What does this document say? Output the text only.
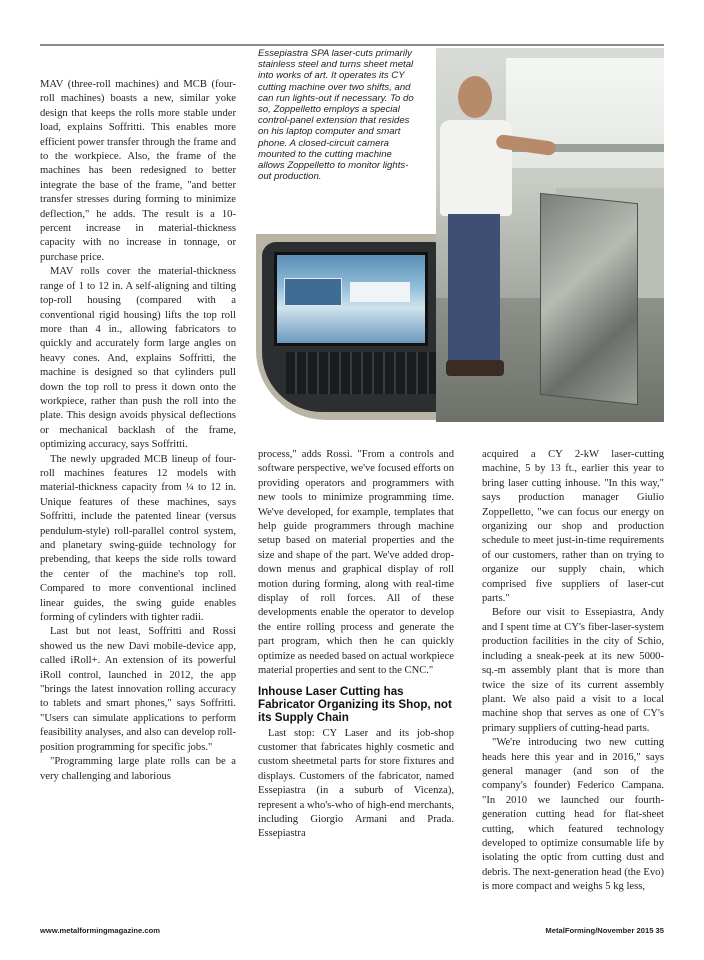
MAV (three-roll machines) and MCB (four-roll machines) boasts a new, similar yoke design that keeps the rolls more stable under load, explains Soffritti. This enables more efficient power transfer through the frame and to the workpiece. Also, the frame of the machines has been redesigned to better integrate the base of the frame, "and better transfer stresses during forming to minimize deflection," he adds. The result is a 10-percent increase in material-thickness capacity with no increase in tonnage, or purchase price.

MAV rolls cover the material-thickness range of 1 to 12 in. A self-aligning and tilting top-roll housing (compared with a conventional rigid housing) lifts the top roll more than 4 in., allowing fabricators to quickly and accurately form large angles on heavy cones. And, explains Soffritti, the machine is designed so that cylinders pull down the top roll to press it down onto the workpiece, rather than push the roll into the plate. This design avoids physical deflections or mechanical backlash of the frame, optimizing accuracy, says Soffritti.

The newly upgraded MCB lineup of four-roll machines features 12 models with material-thickness capacity from ¼ to 12 in. Unique features of these machines, says Soffritti, include the patented linear (versus pendulum-style) roll-parallel control system, and planetary swing-guide technology for prebending, that keeps the side rolls toward the center of the machine's top roll. Compared to more conventional inclined linear guides, the swing guide enables forming of cylinders with tighter radii.

Last but not least, Soffritti and Rossi showed us the new Davi mobile-device app, called iRoll+. An extension of its powerful iRoll control, launched in 2012, the app "brings the latest innovation rolling accuracy to tablets and smart phones," says Soffritti. "Users can simulate applications to perform feasibility analyses, and also can develop roll-position programming for specific jobs."

"Programming large plate rolls can be a very challenging and laborious

Essepiastra SPA laser-cuts primarily stainless steel and turns sheet metal into works of art. It operates its CY cutting machine over two shifts, and can run lights-out if necessary. To do so, Zoppelletto employs a special control-panel extension that resides on his laptop computer and smart phone. A closed-circuit camera mounted to the cutting machine allows Zoppelletto to monitor lights-out production.

process," adds Rossi. "From a controls and software perspective, we've focused efforts on providing operators and programmers with new tools to minimize programming time. We've developed, for example, templates that help guide programmers through machine setup based on material properties and the size and shape of the part. We've added drop-down menus and graphical display of roll motion during forming, along with real-time display of roll forces. All of these developments enable the operator to develop the entire rolling process and generate the part program, which then he can quickly optimize as needed based on actual workpiece material properties and sent to the CNC."

Inhouse Laser Cutting has Fabricator Organizing its Shop, not its Supply Chain

Last stop: CY Laser and its job-shop customer that fabricates highly cosmetic and custom sheetmetal parts for store fixtures and displays. Customers of the fabricator, named Essepiastra (in a suburb of Vicenza), represent a who's-who of high-end merchants, including Giorgio Armani and Prada. Essepiastra

acquired a CY 2-kW laser-cutting machine, 5 by 13 ft., earlier this year to bring laser cutting inhouse. "In this way," says production manager Giulio Zoppelletto, "we can focus our energy on organizing our shop and production schedule to meet just-in-time requirements of our customers, rather than on trying to organize our supply chain, which comprised five suppliers of laser-cut parts."

Before our visit to Essepiastra, Andy and I spent time at CY's fiber-laser-system production facilities in the city of Schio, including a sneak-peek at its new 5000-sq.-m assembly plant that is more than twice the size of its current assembly plant. We also paid a visit to a local machine shop that serves as one of CY's primary suppliers of cutting-head parts.

"We're introducing two new cutting heads here this year and in 2016," says general manager (and son of the company's founder) Federico Campana. "In 2010 we launched our fourth-generation cutting head for flat-sheet cutting, which featured technology developed to optimize consumable life by isolating the optic from cutting dust and debris. The next-generation head (the Evo) is more compact and weighs 5 kg less,

www.metalformingmagazine.com	MetalForming/November 2015 35
